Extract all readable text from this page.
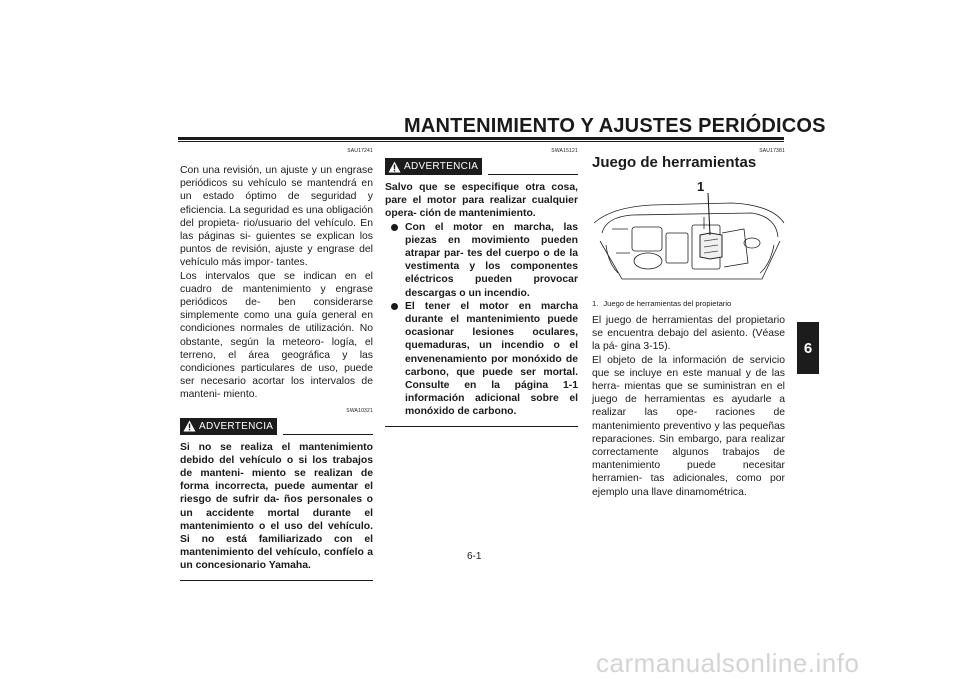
MANTENIMIENTO Y AJUSTES PERIÓDICOS
6

SAU17241

Con una revisión, un ajuste y un engrase periódicos su vehículo se mantendrá en un estado óptimo de seguridad y eficiencia. La seguridad es una obligación del propieta- rio/usuario del vehículo. En las páginas si- guientes se explican los puntos de revisión, ajuste y engrase del vehículo más impor- tantes.

Los intervalos que se indican en el cuadro de mantenimiento y engrase periódicos de- ben considerarse simplemente como una guía general en condiciones normales de utilización. No obstante, según la meteoro- logía, el terreno, el área geográfica y las condiciones particulares de uso, puede ser necesario acortar los intervalos de manteni- miento.

SWA10321

ADVERTENCIA

Si no se realiza el mantenimiento debido del vehículo o si los trabajos de manteni- miento se realizan de forma incorrecta, puede aumentar el riesgo de sufrir da- ños personales o un accidente mortal durante el mantenimiento o el uso del vehículo. Si no está familiarizado con el mantenimiento del vehículo, confíelo a un concesionario Yamaha.

SWA15121

ADVERTENCIA

Salvo que se especifique otra cosa, pare el motor para realizar cualquier opera- ción de mantenimiento.

Con el motor en marcha, las piezas en movimiento pueden atrapar par- tes del cuerpo o de la vestimenta y los componentes eléctricos pueden provocar descargas o un incendio.
El tener el motor en marcha durante el mantenimiento puede ocasionar lesiones oculares, quemaduras, un incendio o el envenenamiento por monóxido de carbono, que puede ser mortal. Consulte en la página 1-1 información adicional sobre el monóxido de carbono.

SAU17381

Juego de herramientas
1
1. Juego de herramientas del propietario

El juego de herramientas del propietario se encuentra debajo del asiento. (Véase la pá- gina 3-15).

El objeto de la información de servicio que se incluye en este manual y de las herra- mientas que se suministran en el juego de herramientas es ayudarle a realizar las ope- raciones de mantenimiento preventivo y las pequeñas reparaciones. Sin embargo, para realizar correctamente algunos trabajos de mantenimiento puede necesitar herramien- tas adicionales, como por ejemplo una llave dinamométrica.

6-1
carmanualsonline.info
